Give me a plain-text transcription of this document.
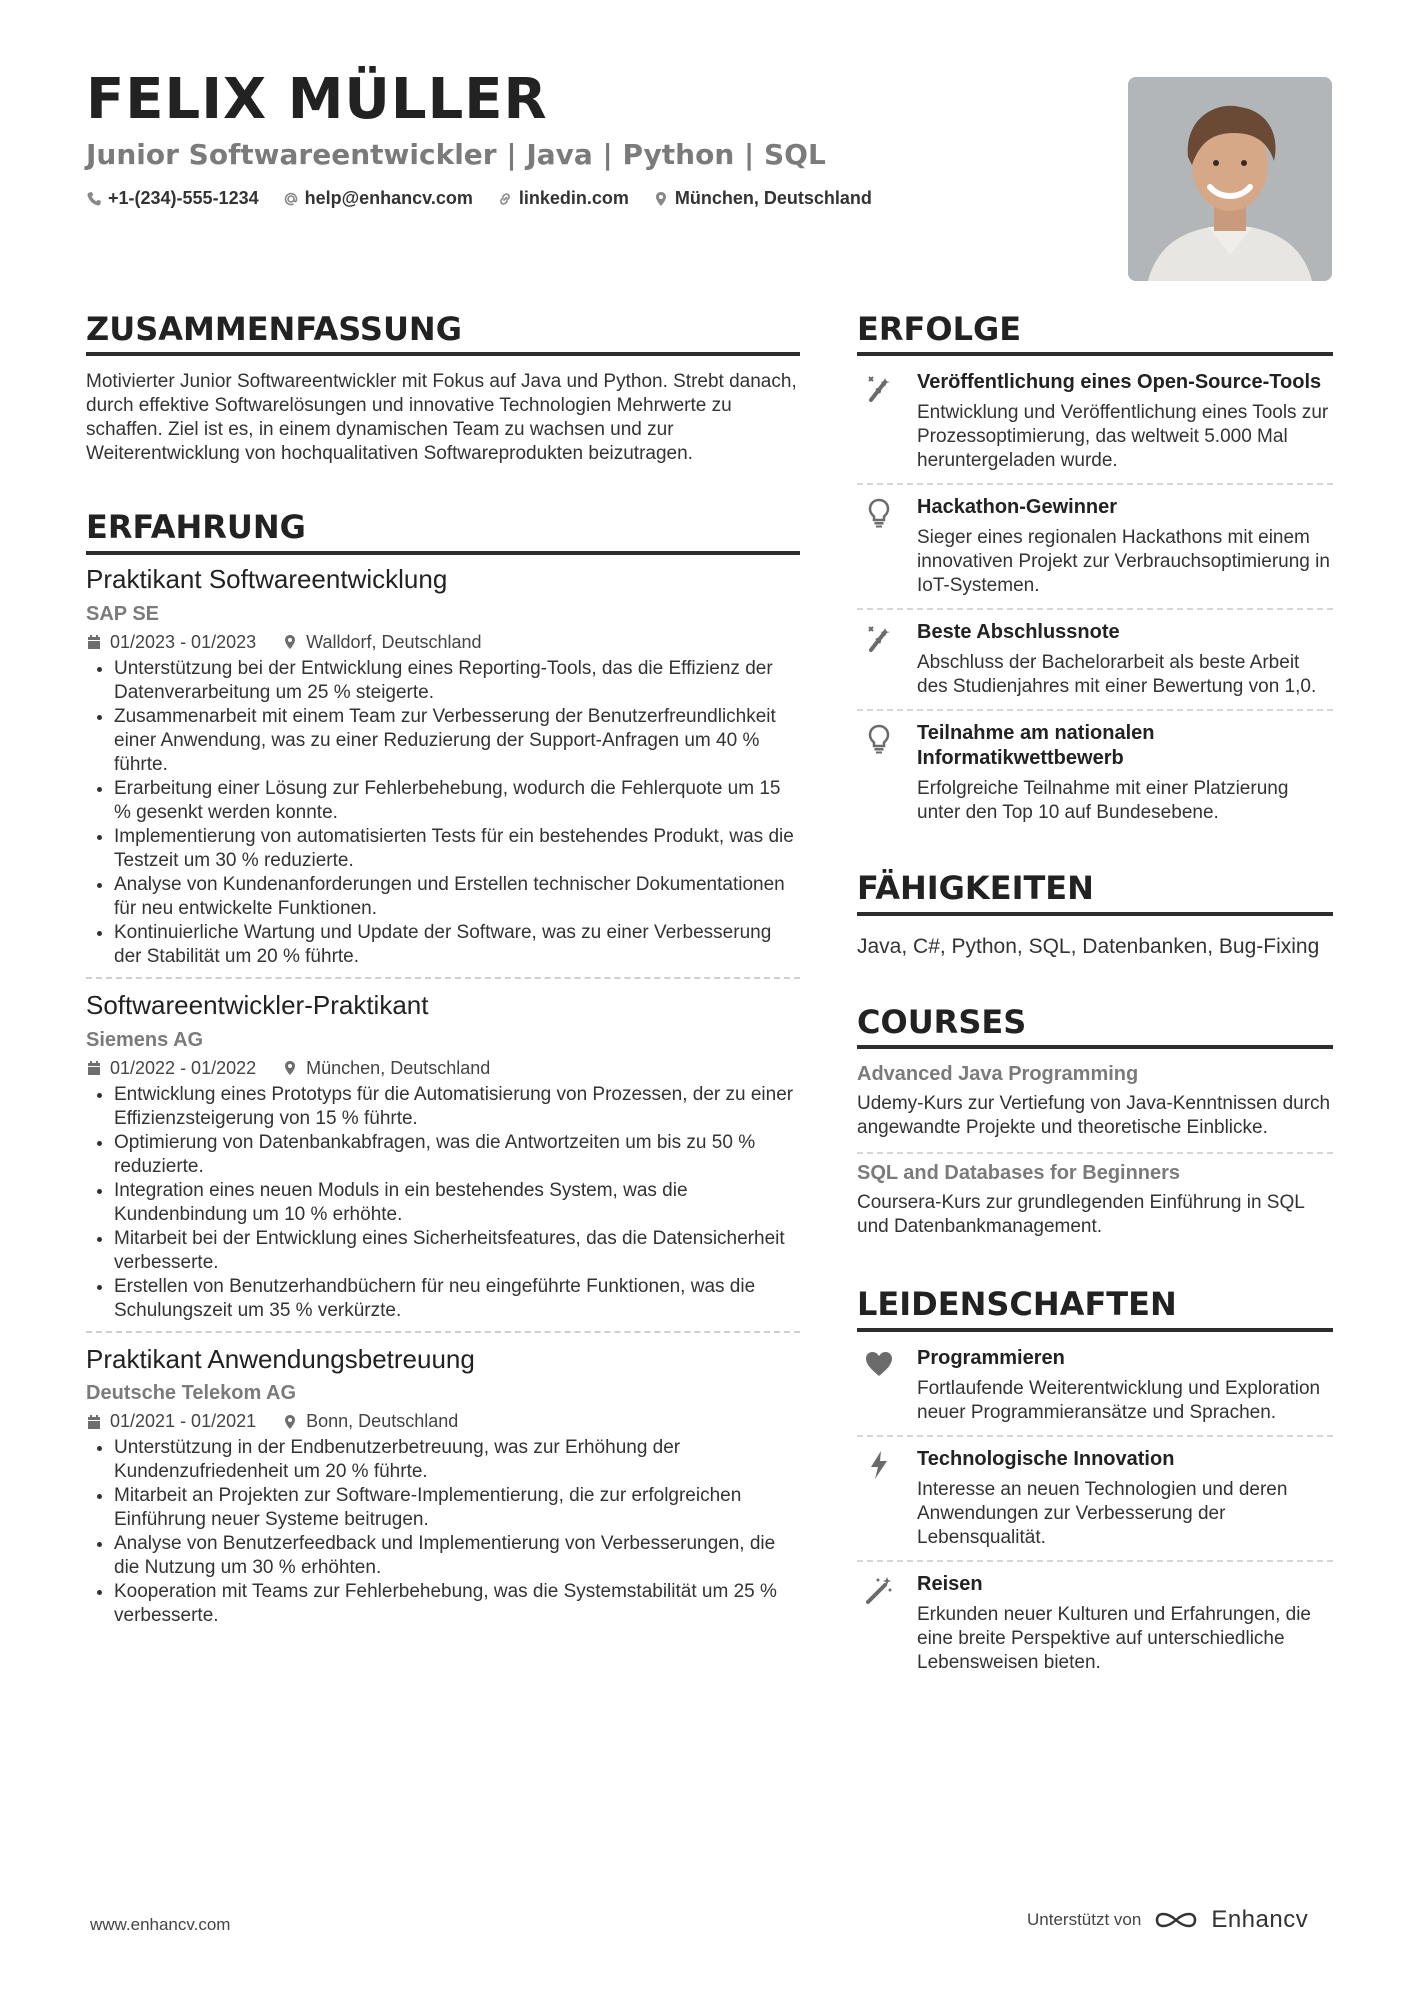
FELIX MÜLLER
Junior Softwareentwickler | Java | Python | SQL
+1-(234)-555-1234	help@enhancv.com	linkedin.com	München, Deutschland
ZUSAMMENFASSUNG

Motivierter Junior Softwareentwickler mit Fokus auf Java und Python. Strebt danach, durch effektive Softwarelösungen und innovative Technologien Mehrwerte zu schaffen. Ziel ist es, in einem dynamischen Team zu wachsen und zur Weiterentwicklung von hochqualitativen Softwareprodukten beizutragen.

ERFAHRUNG
Praktikant Softwareentwicklung
SAP SE
01/2023 - 01/2023	Walldorf, Deutschland
• Unterstützung bei der Entwicklung eines Reporting-Tools, das die Effizienz der Datenverarbeitung um 25 % steigerte.
• Zusammenarbeit mit einem Team zur Verbesserung der Benutzerfreundlichkeit einer Anwendung, was zu einer Reduzierung der Support-Anfragen um 40 % führte.
• Erarbeitung einer Lösung zur Fehlerbehebung, wodurch die Fehlerquote um 15 % gesenkt werden konnte.
• Implementierung von automatisierten Tests für ein bestehendes Produkt, was die Testzeit um 30 % reduzierte.
• Analyse von Kundenanforderungen und Erstellen technischer Dokumentationen für neu entwickelte Funktionen.
• Kontinuierliche Wartung und Update der Software, was zu einer Verbesserung der Stabilität um 20 % führte.
Softwareentwickler-Praktikant
Siemens AG
01/2022 - 01/2022	München, Deutschland
• Entwicklung eines Prototyps für die Automatisierung von Prozessen, der zu einer Effizienzsteigerung von 15 % führte.
• Optimierung von Datenbankabfragen, was die Antwortzeiten um bis zu 50 % reduzierte.
• Integration eines neuen Moduls in ein bestehendes System, was die Kundenbindung um 10 % erhöhte.
• Mitarbeit bei der Entwicklung eines Sicherheitsfeatures, das die Datensicherheit verbesserte.
• Erstellen von Benutzerhandbüchern für neu eingeführte Funktionen, was die Schulungszeit um 35 % verkürzte.
Praktikant Anwendungsbetreuung
Deutsche Telekom AG
01/2021 - 01/2021	Bonn, Deutschland
• Unterstützung in der Endbenutzerbetreuung, was zur Erhöhung der Kundenzufriedenheit um 20 % führte.
• Mitarbeit an Projekten zur Software-Implementierung, die zur erfolgreichen Einführung neuer Systeme beitrugen.
• Analyse von Benutzerfeedback und Implementierung von Verbesserungen, die die Nutzung um 30 % erhöhten.
• Kooperation mit Teams zur Fehlerbehebung, was die Systemstabilität um 25 % verbesserte.
ERFOLGE
Veröffentlichung eines Open-Source-Tools
Entwicklung und Veröffentlichung eines Tools zur Prozessoptimierung, das weltweit 5.000 Mal heruntergeladen wurde.
Hackathon-Gewinner
Sieger eines regionalen Hackathons mit einem innovativen Projekt zur Verbrauchsoptimierung in IoT-Systemen.
Beste Abschlussnote
Abschluss der Bachelorarbeit als beste Arbeit des Studienjahres mit einer Bewertung von 1,0.
Teilnahme am nationalen Informatikwettbewerb
Erfolgreiche Teilnahme mit einer Platzierung unter den Top 10 auf Bundesebene.
FÄHIGKEITEN
Java, C#, Python, SQL, Datenbanken, Bug-Fixing
COURSES
Advanced Java Programming
Udemy-Kurs zur Vertiefung von Java-Kenntnissen durch angewandte Projekte und theoretische Einblicke.
SQL and Databases for Beginners
Coursera-Kurs zur grundlegenden Einführung in SQL und Datenbankmanagement.
LEIDENSCHAFTEN
Programmieren
Fortlaufende Weiterentwicklung und Exploration neuer Programmieransätze und Sprachen.
Technologische Innovation
Interesse an neuen Technologien und deren Anwendungen zur Verbesserung der Lebensqualität.
Reisen
Erkunden neuer Kulturen und Erfahrungen, die eine breite Perspektive auf unterschiedliche Lebensweisen bieten.
www.enhancv.com	Unterstützt von	Enhancv
